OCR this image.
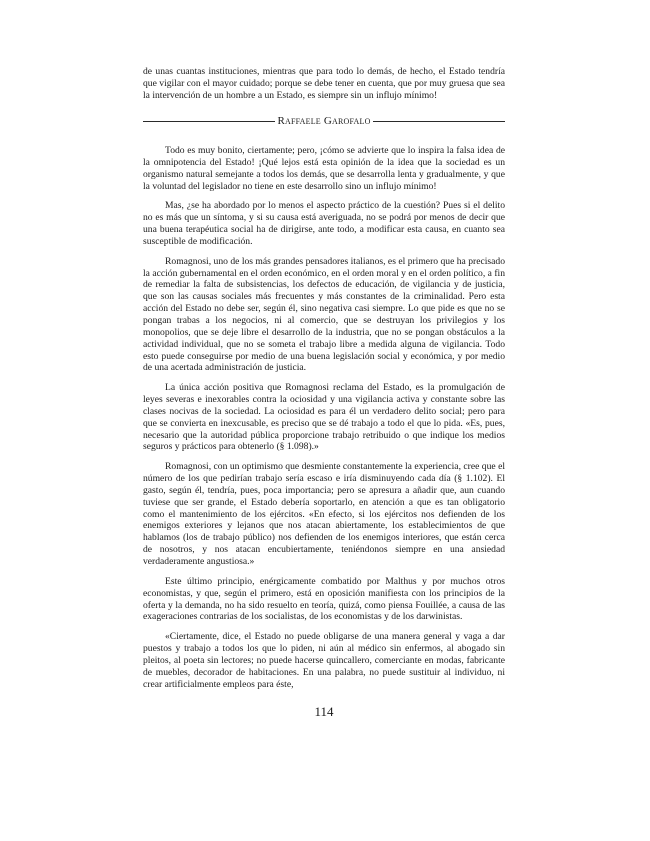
de unas cuantas instituciones, mientras que para todo lo demás, de hecho, el Estado tendría que vigilar con el mayor cuidado; porque se debe tener en cuenta, que por muy gruesa que sea la intervención de un hombre a un Estado, es siempre sin un influjo mínimo!

Raffaele Garofalo

Todo es muy bonito, ciertamente; pero, ¡cómo se advierte que lo inspira la falsa idea de la omnipotencia del Estado! ¡Qué lejos está esta opinión de la idea que la sociedad es un organismo natural semejante a todos los demás, que se desarrolla lenta y gradualmente, y que la voluntad del legislador no tiene en este desarrollo sino un influjo mínimo!

Mas, ¿se ha abordado por lo menos el aspecto práctico de la cuestión? Pues si el delito no es más que un síntoma, y si su causa está averiguada, no se podrá por menos de decir que una buena terapéutica social ha de dirigirse, ante todo, a modificar esta causa, en cuanto sea susceptible de modificación.

Romagnosi, uno de los más grandes pensadores italianos, es el primero que ha precisado la acción gubernamental en el orden económico, en el orden moral y en el orden político, a fin de remediar la falta de subsistencias, los defectos de educación, de vigilancia y de justicia, que son las causas sociales más frecuentes y más constantes de la criminalidad. Pero esta acción del Estado no debe ser, según él, sino negativa casi siempre. Lo que pide es que no se pongan trabas a los negocios, ni al comercio, que se destruyan los privilegios y los monopolios, que se deje libre el desarrollo de la industria, que no se pongan obstáculos a la actividad individual, que no se someta el trabajo libre a medida alguna de vigilancia. Todo esto puede conseguirse por medio de una buena legislación social y económica, y por medio de una acertada administración de justicia.

La única acción positiva que Romagnosi reclama del Estado, es la promulgación de leyes severas e inexorables contra la ociosidad y una vigilancia activa y constante sobre las clases nocivas de la sociedad. La ociosidad es para él un verdadero delito social; pero para que se convierta en inexcusable, es preciso que se dé trabajo a todo el que lo pida. «Es, pues, necesario que la autoridad pública proporcione trabajo retribuido o que indique los medios seguros y prácticos para obtenerlo (§ 1.098).»

Romagnosi, con un optimismo que desmiente constantemente la experiencia, cree que el número de los que pedirían trabajo sería escaso e iría disminuyendo cada día (§ 1.102). El gasto, según él, tendría, pues, poca importancia; pero se apresura a añadir que, aun cuando tuviese que ser grande, el Estado debería soportarlo, en atención a que es tan obligatorio como el mantenimiento de los ejércitos. «En efecto, si los ejércitos nos defienden de los enemigos exteriores y lejanos que nos atacan abiertamente, los establecimientos de que hablamos (los de trabajo público) nos defienden de los enemigos interiores, que están cerca de nosotros, y nos atacan encubiertamente, teniéndonos siempre en una ansiedad verdaderamente angustiosa.»

Este último principio, enérgicamente combatido por Malthus y por muchos otros economistas, y que, según el primero, está en oposición manifiesta con los principios de la oferta y la demanda, no ha sido resuelto en teoría, quizá, como piensa Fouillée, a causa de las exageraciones contrarias de los socialistas, de los economistas y de los darwinistas.

«Ciertamente, dice, el Estado no puede obligarse de una manera general y vaga a dar puestos y trabajo a todos los que lo piden, ni aún al médico sin enfermos, al abogado sin pleitos, al poeta sin lectores; no puede hacerse quincallero, comerciante en modas, fabricante de muebles, decorador de habitaciones. En una palabra, no puede sustituir al individuo, ni crear artificialmente empleos para éste,

114
